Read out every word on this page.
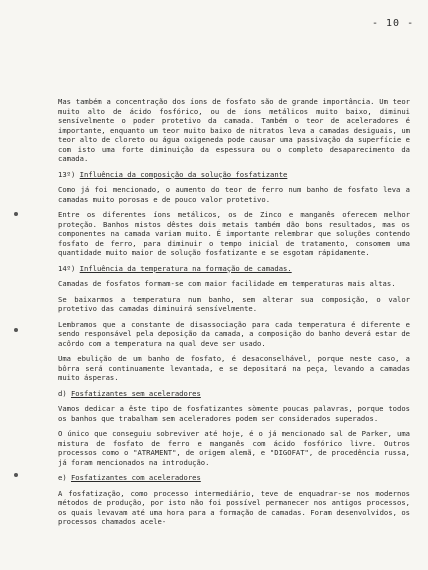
- 10 -

Mas também a concentração dos íons de fosfato são de grande importância. Um teor muito alto de ácido fosfórico, ou de íons metálicos muito baixo, diminui sensívelmente o poder protetivo da camada. Também o teor de aceleradores é importante, enquanto um teor muito baixo de nitratos leva a camadas desiguais, um teor alto de cloreto ou água oxigeneda pode causar uma passivação da superfície e com isto uma forte diminuição da espessura ou o completo desaparecimento da camada.

13º) Influência da composição da solução fosfatizante

Como já foi mencionado, o aumento do teor de ferro num banho de fosfato leva a camadas muito porosas e de pouco valor protetivo.

Entre os diferentes íons metálicos, os de Zinco e manganês oferecem melhor proteção. Banhos mistos dêstes dois metais também dão bons resultados, mas os componentes na camada variam muito. É importante relembrar que soluções contendo fosfato de ferro, para diminuir o tempo inicial de tratamento, consomem uma quantidade muito maior de solução fosfatizante e se esgotam rápidamente.

14º) Influência da temperatura na formação de camadas.

Camadas de fosfatos formam-se com maior facilidade em temperaturas mais altas.

Se baixarmos a temperatura num banho, sem alterar sua composição, o valor protetivo das camadas diminuirá sensívelmente.

Lembramos que a constante de disassociação para cada temperatura é diferente e sendo responsável pela deposição da camada, a composição do banho deverá estar de acôrdo com a temperatura na qual deve ser usado.

Uma ebulição de um banho de fosfato, é desaconselhável, porque neste caso, a bôrra será continuamente levantada, e se depositará na peça, levando a camadas muito ásperas.

d) Fosfatizantes sem aceleradores

Vamos dedicar a êste tipo de fosfatizantes sòmente poucas palavras, porque todos os banhos que trabalham sem aceleradores podem ser considerados superados.

O único que conseguiu sobreviver até hoje, é o já mencionado sal de Parker, uma mistura de fosfato de ferro e manganês com ácido fosfórico livre. Outros processos como o "ATRAMENT", de origem alemã, e "DIGOFAT", de procedência russa, já foram mencionados na introdução.

e) Fosfatizantes com aceleradores

A fosfatização, como processo intermediário, teve de enquadrar-se nos modernos métodos de produção, por isto não foi possível permanecer nos antigos processos, os quais levavam até uma hora para a formação de camadas. Foram desenvolvidos, os processos chamados acele-
